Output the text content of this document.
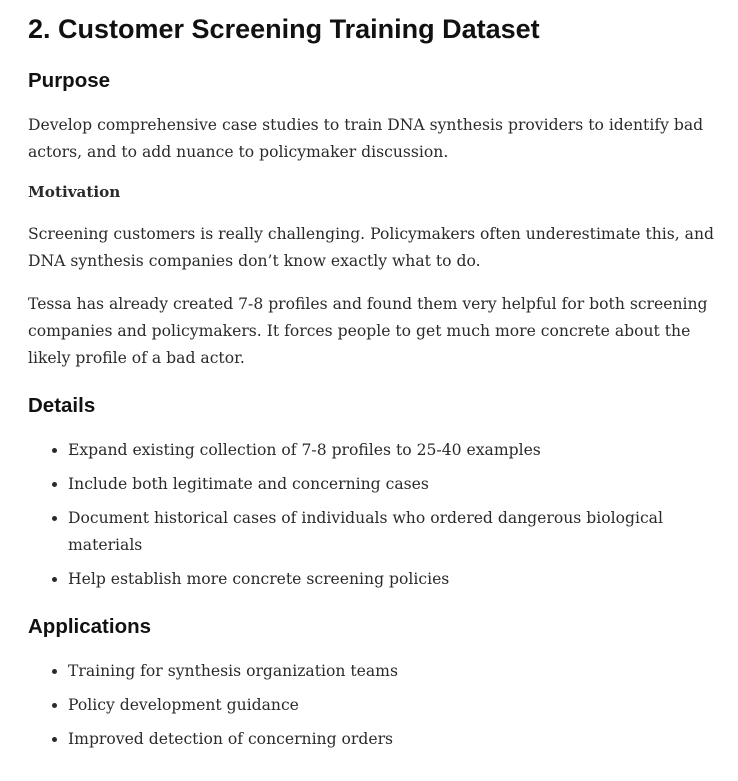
2. Customer Screening Training Dataset
Purpose

Develop comprehensive case studies to train DNA synthesis providers to identify bad actors, and to add nuance to policymaker discussion.

Motivation

Screening customers is really challenging. Policymakers often underestimate this, and DNA synthesis companies don’t know exactly what to do.

Tessa has already created 7-8 profiles and found them very helpful for both screening companies and policymakers. It forces people to get much more concrete about the likely profile of a bad actor.

Details
Expand existing collection of 7-8 profiles to 25-40 examples
Include both legitimate and concerning cases
Document historical cases of individuals who ordered dangerous biological materials
Help establish more concrete screening policies
Applications
Training for synthesis organization teams
Policy development guidance
Improved detection of concerning orders
